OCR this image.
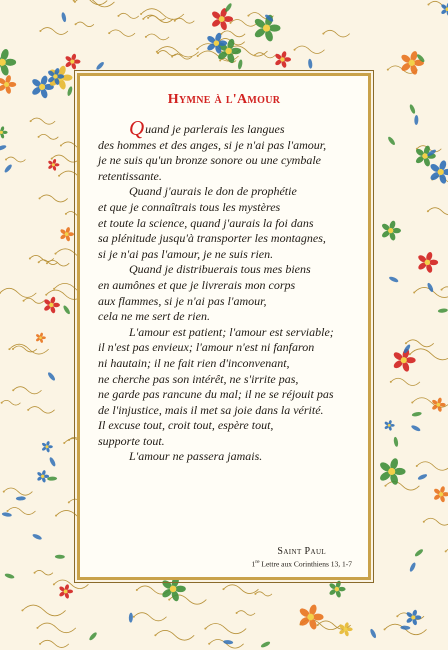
Hymne à l'Amour
Quand je parlerais les langues
des hommes et des anges, si je n'ai pas l'amour,
je ne suis qu'un bronze sonore ou une cymbale
retentissante.
Quand j'aurais le don de prophétie
et que je connaîtrais tous les mystères
et toute la science, quand j'aurais la foi dans
sa plénitude jusqu'à transporter les montagnes,
si je n'ai pas l'amour, je ne suis rien.
Quand je distribuerais tous mes biens
en aumônes et que je livrerais mon corps
aux flammes, si je n'ai pas l'amour,
cela ne me sert de rien.
L'amour est patient; l'amour est serviable;
il n'est pas envieux; l'amour n'est ni fanfaron
ni hautain; il ne fait rien d'inconvenant,
ne cherche pas son intérêt, ne s'irrite pas,
ne garde pas rancune du mal; il ne se réjouit pas
de l'injustice, mais il met sa joie dans la vérité.
Il excuse tout, croit tout, espère tout,
supporte tout.
L'amour ne passera jamais.
Saint Paul
1re Lettre aux Corinthiens 13, 1-7
